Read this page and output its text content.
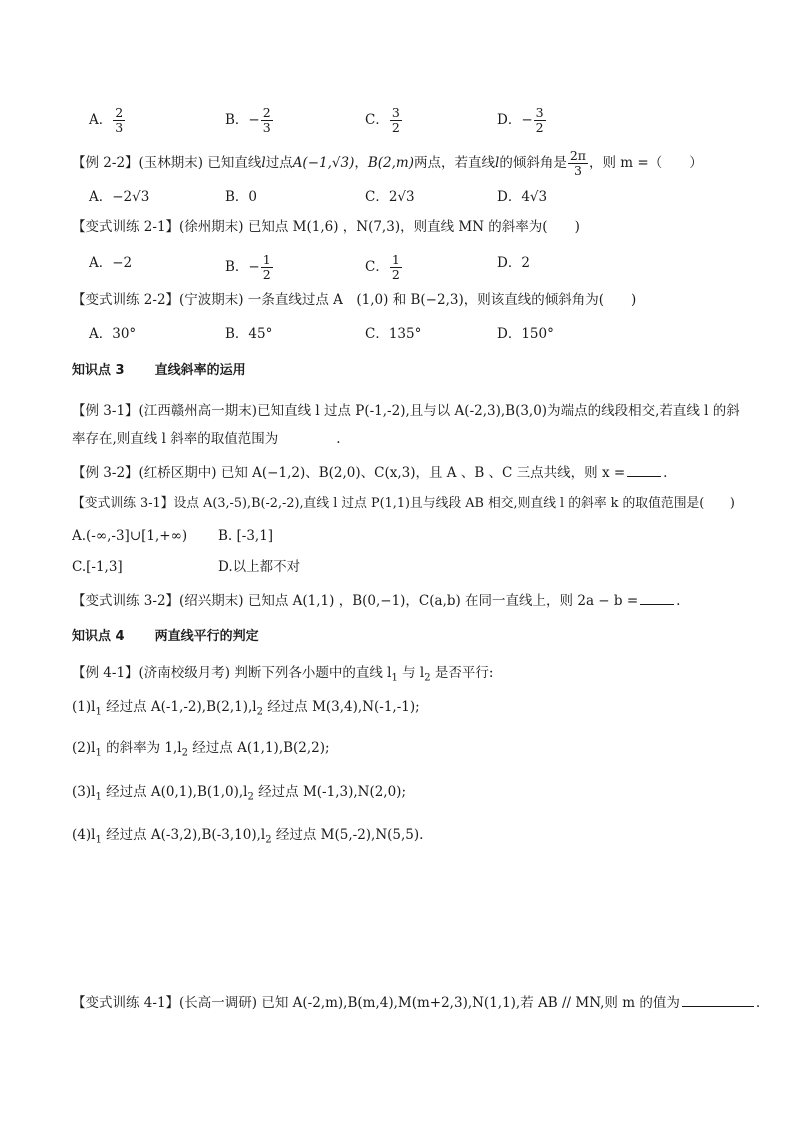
A． $\frac{2}{3}$	B．− $\frac{2}{3}$	C． $\frac{3}{2}$	D．− $\frac{3}{2}$
【例 2-2】(玉林期末) 已知直线l过点A(−1,√3)，B(2,m)两点，若直线l的倾斜角是 $\frac{2\pi}{3}$ ，则 m =（　　）
A．−2√3	B．0	C．2√3	D．4√3
【变式训练 2-1】(徐州期末) 已知点 M(1,6) ，N(7,3)，则直线 MN 的斜率为(　　)
A．−2	B．− $\frac{1}{2}$	C． $\frac{1}{2}$	D．2
【变式训练 2-2】(宁波期末) 一条直线过点 A　(1,0) 和 B(−2,3)，则该直线的倾斜角为(　　)
A．30°	B．45°	C．135°	D．150°
知识点 3 直线斜率的运用
【例 3-1】(江西赣州高一期末)已知直线 l 过点 P(-1,-2),且与以 A(-2,3),B(3,0)为端点的线段相交,若直线 l 的斜
率存在,则直线 l 斜率的取值范围为	.
【例 3-2】(红桥区期中) 已知 A(−1,2)、B(2,0)、C(x,3)，且 A 、B 、C 三点共线，则 x =	.
【变式训练 3-1】设点 A(3,-5),B(-2,-2),直线 l 过点 P(1,1)且与线段 AB 相交,则直线 l 的斜率 k 的取值范围是(　　)
A.(-∞,-3]∪[1,+∞) B. [-3,1]
C.[-1,3]	D.以上都不对
【变式训练 3-2】(绍兴期末) 已知点 A(1,1) ，B(0,−1)，C(a,b) 在同一直线上，则 2a − b =	.
知识点 4 两直线平行的判定
【例 4-1】(济南校级月考) 判断下列各小题中的直线 $l_1$ 与 $l_2$ 是否平行:
$(1)l_1$ 经过点 $A(-1,-2),B(2,1),l_2$ 经过点 M(3,4),N(-1,-1);
$(2)l_1$ 的斜率为 $1,l_2$ 经过点 A(1,1),B(2,2);
$(3)l_1$ 经过点 $A(0,1),B(1,0),l_2$ 经过点 M(-1,3),N(2,0);
$(4)l_1$ 经过点 $A(-3,2),B(-3,10),l_2$ 经过点 M(5,-2),N(5,5).
【变式训练 4-1】(长高一调研) 已知 A(-2,m),B(m,4),M(m+2,3),N(1,1),若 AB // MN,则 m 的值为	.
